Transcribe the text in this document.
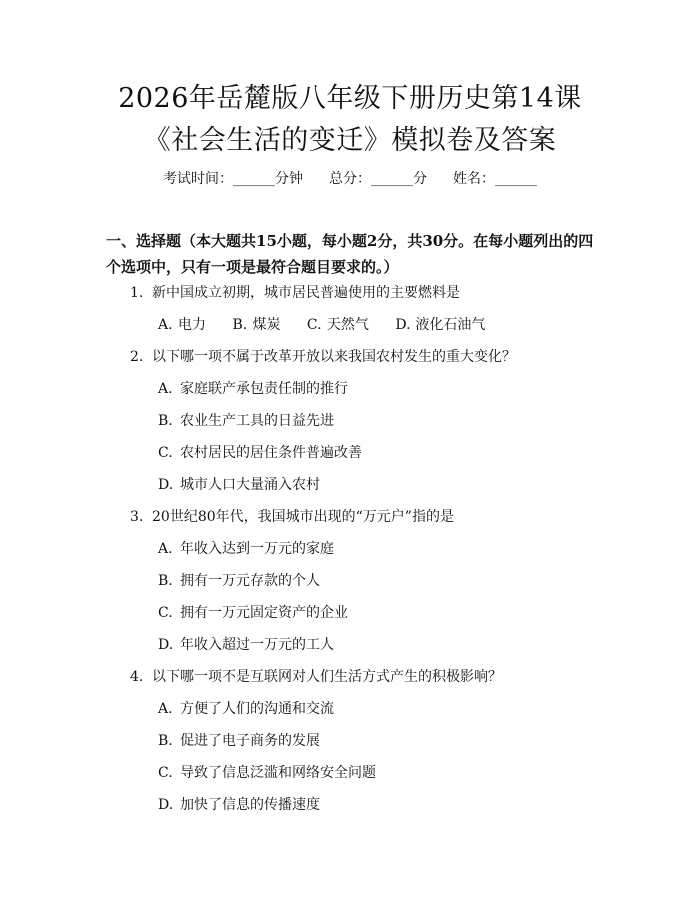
2026年岳麓版八年级下册历史第14课《社会生活的变迁》模拟卷及答案
考试时间：______分钟 总分：______分 姓名：______
一、选择题（本大题共15小题，每小题2分，共30分。在每小题列出的四个选项中，只有一项是最符合题目要求的。）
1. 新中国成立初期，城市居民普遍使用的主要燃料是
A. 电力 B. 煤炭 C. 天然气 D. 液化石油气
2. 以下哪一项不属于改革开放以来我国农村发生的重大变化？
A. 家庭联产承包责任制的推行
B. 农业生产工具的日益先进
C. 农村居民的居住条件普遍改善
D. 城市人口大量涌入农村
3. 20世纪80年代，我国城市出现的“万元户”指的是
A. 年收入达到一万元的家庭
B. 拥有一万元存款的个人
C. 拥有一万元固定资产的企业
D. 年收入超过一万元的工人
4. 以下哪一项不是互联网对人们生活方式产生的积极影响？
A. 方便了人们的沟通和交流
B. 促进了电子商务的发展
C. 导致了信息泛滥和网络安全问题
D. 加快了信息的传播速度
